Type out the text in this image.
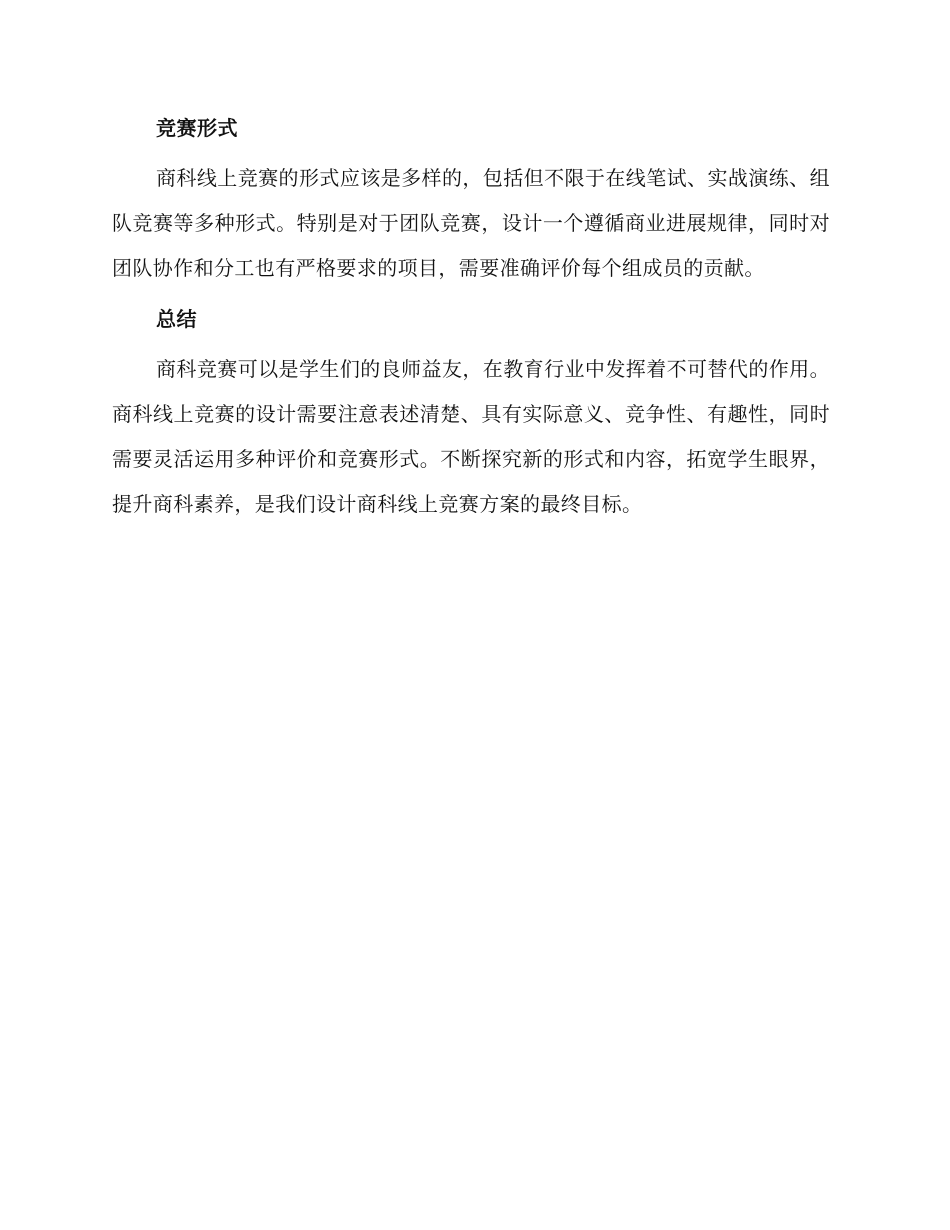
竞赛形式

商科线上竞赛的形式应该是多样的，包括但不限于在线笔试、实战演练、组队竞赛等多种形式。特别是对于团队竞赛，设计一个遵循商业进展规律，同时对团队协作和分工也有严格要求的项目，需要准确评价每个组成员的贡献。

总结

商科竞赛可以是学生们的良师益友，在教育行业中发挥着不可替代的作用。商科线上竞赛的设计需要注意表述清楚、具有实际意义、竞争性、有趣性，同时需要灵活运用多种评价和竞赛形式。不断探究新的形式和内容，拓宽学生眼界，提升商科素养，是我们设计商科线上竞赛方案的最终目标。
